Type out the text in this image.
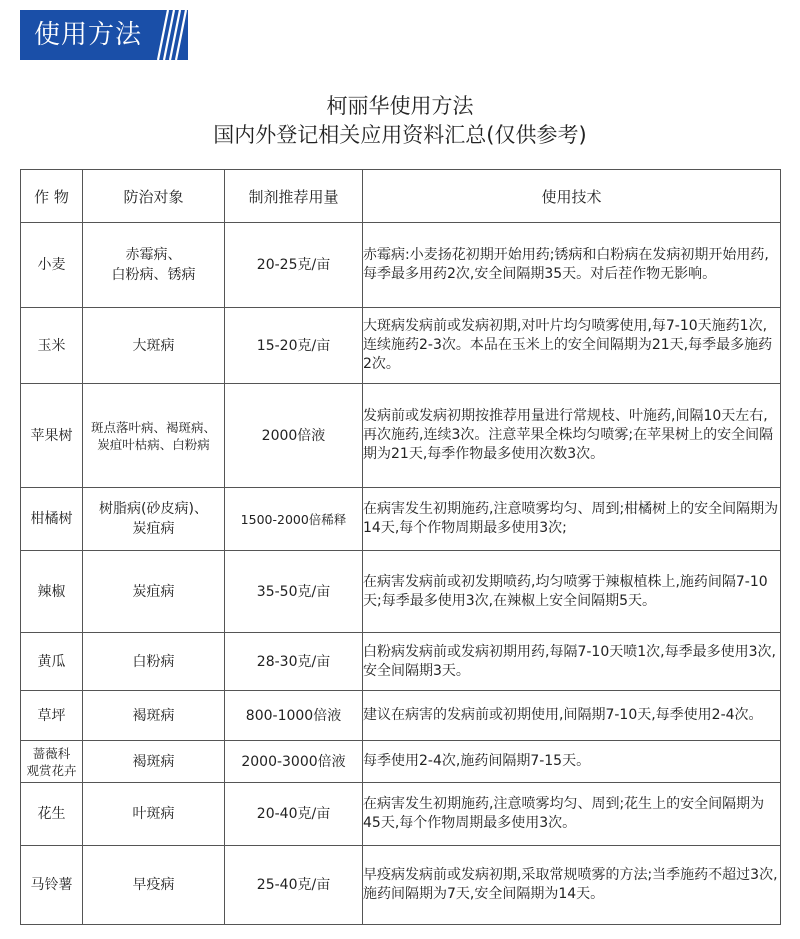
使用方法
柯丽华使用方法
国内外登记相关应用资料汇总(仅供参考)
作 物	防治对象	制剂推荐用量	使用技术

小麦	赤霉病、
白粉病、锈病	20-25克/亩	赤霉病:小麦扬花初期开始用药;锈病和白粉病在发病初期开始用药,每季最多用药2次,安全间隔期35天。对后茬作物无影响。

玉米	大斑病	15-20克/亩	大斑病发病前或发病初期,对叶片均匀喷雾使用,每7-10天施药1次,连续施药2-3次。本品在玉米上的安全间隔期为21天,每季最多施药2次。

苹果树	斑点落叶病、褐斑病、
炭疽叶枯病、白粉病	2000倍液	发病前或发病初期按推荐用量进行常规枝、叶施药,间隔10天左右, 再次施药,连续3次。注意苹果全株均匀喷雾;在苹果树上的安全间隔期为21天,每季作物最多使用次数3次。

柑橘树	树脂病(砂皮病)、
炭疽病	1500-2000倍稀释	在病害发生初期施药,注意喷雾均匀、周到;柑橘树上的安全间隔期为14天,每个作物周期最多使用3次;

辣椒	炭疽病	35-50克/亩	在病害发病前或初发期喷药,均匀喷雾于辣椒植株上,施药间隔7-10天;每季最多使用3次,在辣椒上安全间隔期5天。

黄瓜	白粉病	28-30克/亩	白粉病发病前或发病初期用药,每隔7-10天喷1次,每季最多使用3次,安全间隔期3天。

草坪	褐斑病	800-1000倍液	建议在病害的发病前或初期使用,间隔期7-10天,每季使用2-4次。

蔷薇科
观赏花卉	褐斑病	2000-3000倍液	每季使用2-4次,施药间隔期7-15天。

花生	叶斑病	20-40克/亩	在病害发生初期施药,注意喷雾均匀、周到;花生上的安全间隔期为45天,每个作物周期最多使用3次。

马铃薯	早疫病	25-40克/亩	早疫病发病前或发病初期,采取常规喷雾的方法;当季施药不超过3次,施药间隔期为7天,安全间隔期为14天。
